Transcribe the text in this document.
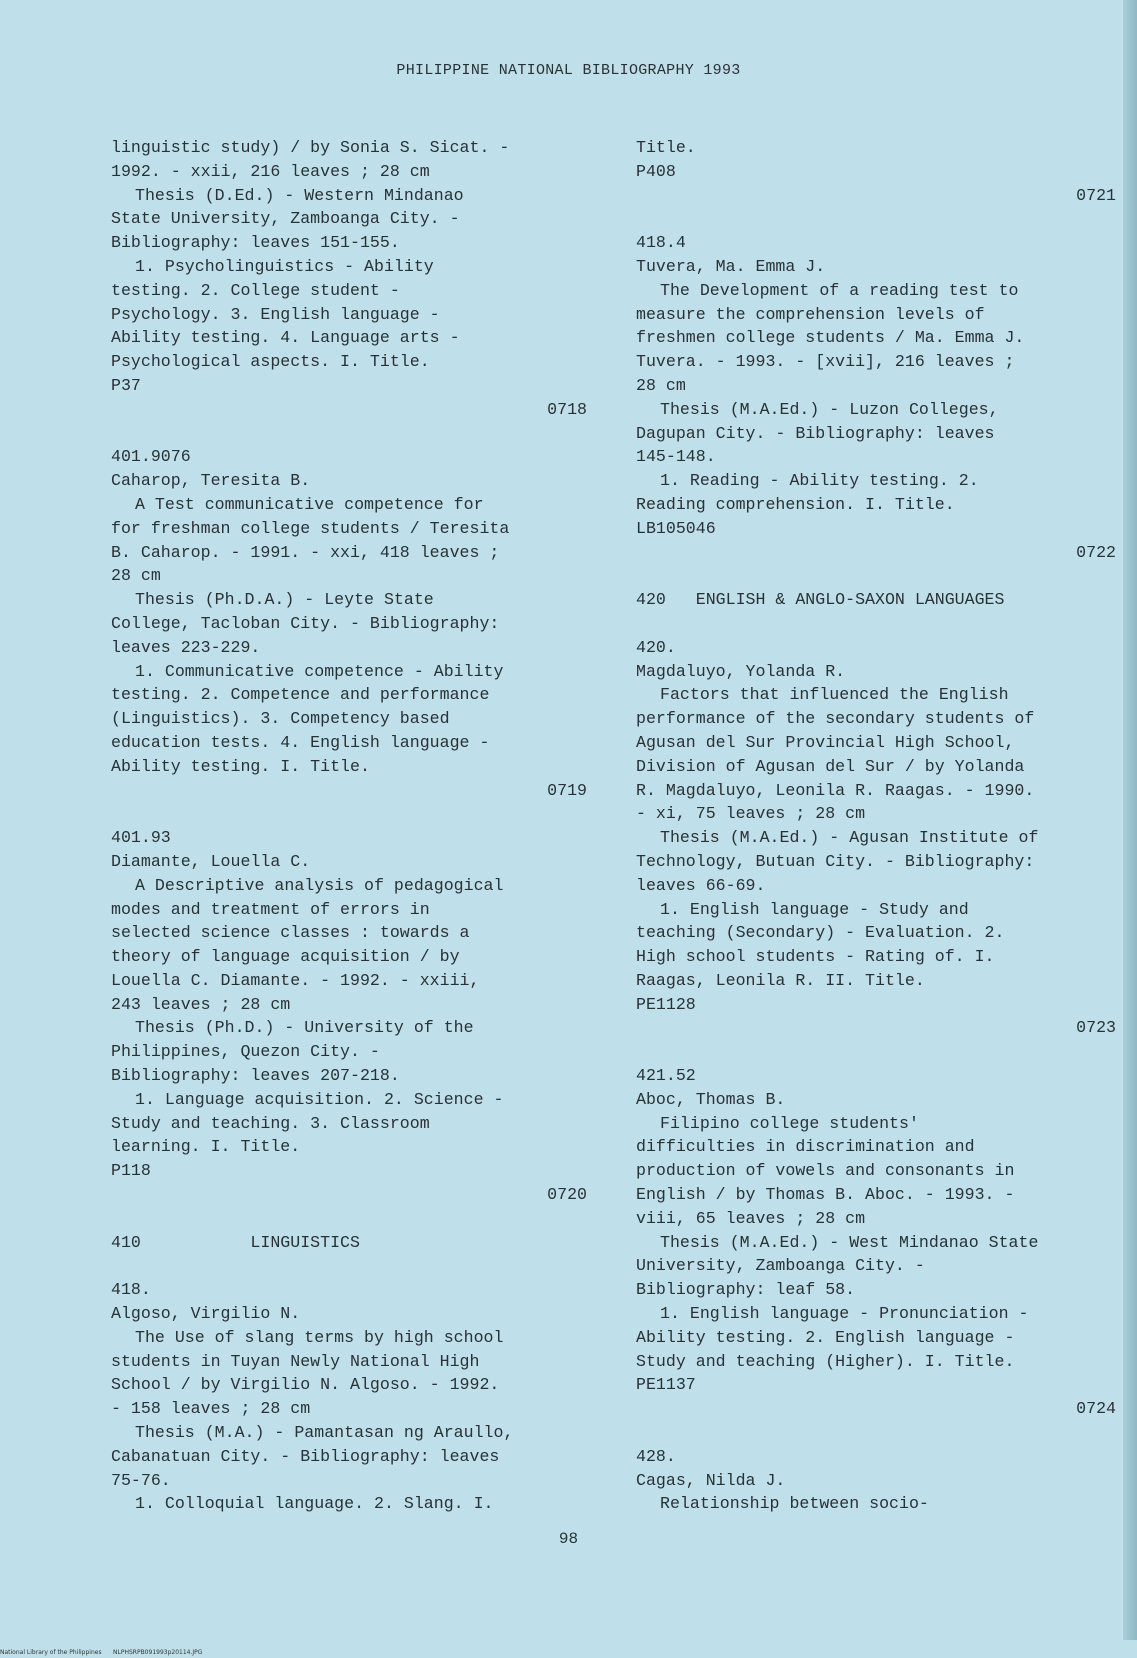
PHILIPPINE NATIONAL BIBLIOGRAPHY 1993
linguistic study) / by Sonia S. Sicat. -
1992. - xxii, 216 leaves ; 28 cm
Thesis (D.Ed.) - Western Mindanao
State University, Zamboanga City. -
Bibliography: leaves 151-155.
1. Psycholinguistics - Ability
testing. 2. College student -
Psychology. 3. English language -
Ability testing. 4. Language arts -
Psychological aspects. I. Title.
P37
0718
401.9076
Caharop, Teresita B.
A Test communicative competence for
for freshman college students / Teresita
B. Caharop. - 1991. - xxi, 418 leaves ;
28 cm
Thesis (Ph.D.A.) - Leyte State
College, Tacloban City. - Bibliography:
leaves 223-229.
1. Communicative competence - Ability
testing. 2. Competence and performance
(Linguistics). 3. Competency based
education tests. 4. English language -
Ability testing. I. Title.
0719
401.93
Diamante, Louella C.
A Descriptive analysis of pedagogical
modes and treatment of errors in
selected science classes : towards a
theory of language acquisition / by
Louella C. Diamante. - 1992. - xxiii,
243 leaves ; 28 cm
Thesis (Ph.D.) - University of the
Philippines, Quezon City. -
Bibliography: leaves 207-218.
1. Language acquisition. 2. Science -
Study and teaching. 3. Classroom
learning. I. Title.
P118
0720
410           LINGUISTICS
418.
Algoso, Virgilio N.
The Use of slang terms by high school
students in Tuyan Newly National High
School / by Virgilio N. Algoso. - 1992.
- 158 leaves ; 28 cm
Thesis (M.A.) - Pamantasan ng Araullo,
Cabanatuan City. - Bibliography: leaves
75-76.
1. Colloquial language. 2. Slang. I.
Title.
P408
0721
418.4
Tuvera, Ma. Emma J.
The Development of a reading test to
measure the comprehension levels of
freshmen college students / Ma. Emma J.
Tuvera. - 1993. - [xvii], 216 leaves ;
28 cm
Thesis (M.A.Ed.) - Luzon Colleges,
Dagupan City. - Bibliography: leaves
145-148.
1. Reading - Ability testing. 2.
Reading comprehension. I. Title.
LB105046
0722
420   ENGLISH & ANGLO-SAXON LANGUAGES
420.
Magdaluyo, Yolanda R.
Factors that influenced the English
performance of the secondary students of
Agusan del Sur Provincial High School,
Division of Agusan del Sur / by Yolanda
R. Magdaluyo, Leonila R. Raagas. - 1990.
- xi, 75 leaves ; 28 cm
Thesis (M.A.Ed.) - Agusan Institute of
Technology, Butuan City. - Bibliography:
leaves 66-69.
1. English language - Study and
teaching (Secondary) - Evaluation. 2.
High school students - Rating of. I.
Raagas, Leonila R. II. Title.
PE1128
0723
421.52
Aboc, Thomas B.
Filipino college students'
difficulties in discrimination and
production of vowels and consonants in
English / by Thomas B. Aboc. - 1993. -
viii, 65 leaves ; 28 cm
Thesis (M.A.Ed.) - West Mindanao State
University, Zamboanga City. -
Bibliography: leaf 58.
1. English language - Pronunciation -
Ability testing. 2. English language -
Study and teaching (Higher). I. Title.
PE1137
0724
428.
Cagas, Nilda J.
Relationship between socio-
98
National Library of the Philippines      NLPHSRPB091993p20114.JPG
